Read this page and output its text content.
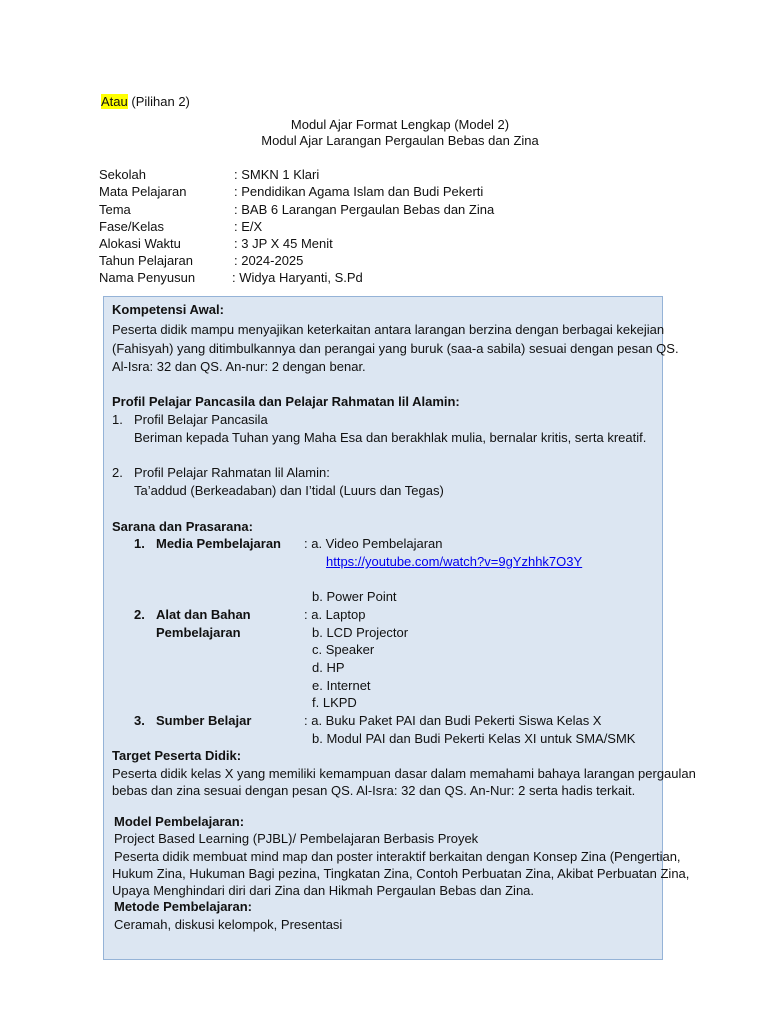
Atau (Pilihan 2)
Modul Ajar Format Lengkap (Model 2)
Modul Ajar Larangan Pergaulan Bebas dan Zina
Sekolah	: SMKN 1 Klari
Mata Pelajaran	: Pendidikan Agama Islam dan Budi Pekerti
Tema	: BAB 6 Larangan Pergaulan Bebas dan Zina
Fase/Kelas	: E/X
Alokasi Waktu	: 3 JP X 45 Menit
Tahun Pelajaran	: 2024-2025
Nama Penyusun	: Widya Haryanti, S.Pd
Kompetensi Awal:
Peserta didik mampu menyajikan keterkaitan antara larangan berzina dengan berbagai kekejian
(Fahisyah) yang ditimbulkannya dan perangai yang buruk (saa-a sabila) sesuai dengan pesan QS.
Al-Isra: 32 dan QS. An-nur: 2 dengan benar.
Profil Pelajar Pancasila dan Pelajar Rahmatan lil Alamin:
1. Profil Belajar Pancasila
Beriman kepada Tuhan yang Maha Esa dan berakhlak mulia, bernalar kritis, serta kreatif.
2. Profil Pelajar Rahmatan lil Alamin:
Ta’addud (Berkeadaban) dan I’tidal (Luurs dan Tegas)
Sarana dan Prasarana:
1. Media Pembelajaran : a. Video Pembelajaran
https://youtube.com/watch?v=9gYzhhk7O3Y
b. Power Point
2. Alat dan Bahan
Pembelajaran
: a. Laptop
b. LCD Projector
c. Speaker
d. HP
e. Internet
f. LKPD
3. Sumber Belajar	: a. Buku Paket PAI dan Budi Pekerti Siswa Kelas X
b. Modul PAI dan Budi Pekerti Kelas XI untuk SMA/SMK
Target Peserta Didik:
Peserta didik kelas X yang memiliki kemampuan dasar dalam memahami bahaya larangan pergaulan
bebas dan zina sesuai dengan pesan QS. Al-Isra: 32 dan QS. An-Nur: 2 serta hadis terkait.
Model Pembelajaran:
Project Based Learning (PJBL)/ Pembelajaran Berbasis Proyek
Peserta didik membuat mind map dan poster interaktif berkaitan dengan Konsep Zina (Pengertian,
Hukum Zina, Hukuman Bagi pezina, Tingkatan Zina, Contoh Perbuatan Zina, Akibat Perbuatan Zina,
Upaya Menghindari diri dari Zina dan Hikmah Pergaulan Bebas dan Zina.
Metode Pembelajaran:
Ceramah, diskusi kelompok, Presentasi
